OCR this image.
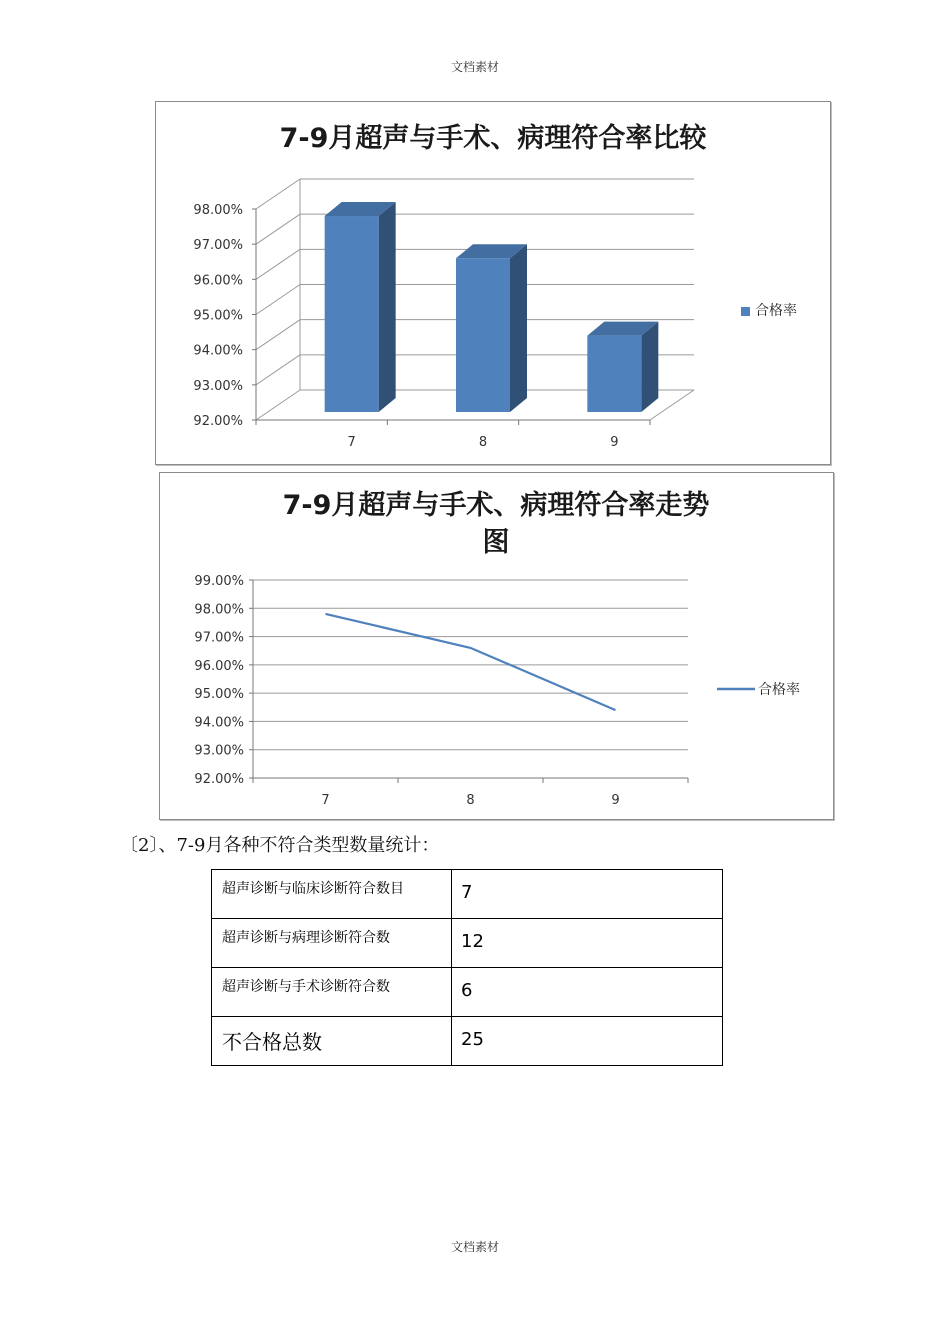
文档素材
7-9月超声与手术、病理符合率比较
92.00%
93.00%
94.00%
95.00%
96.00%
97.00%
98.00%
7	8	9
合格率
7-9月超声与手术、病理符合率走势
图
92.00%
93.00%
94.00%
95.00%
96.00%
97.00%
98.00%
99.00%
7	8	9
合格率
〔2〕、7-9月各种不符合类型数量统计：
超声诊断与临床诊断符合数目	7
超声诊断与病理诊断符合数	12
超声诊断与手术诊断符合数	6
不合格总数	25
文档素材
